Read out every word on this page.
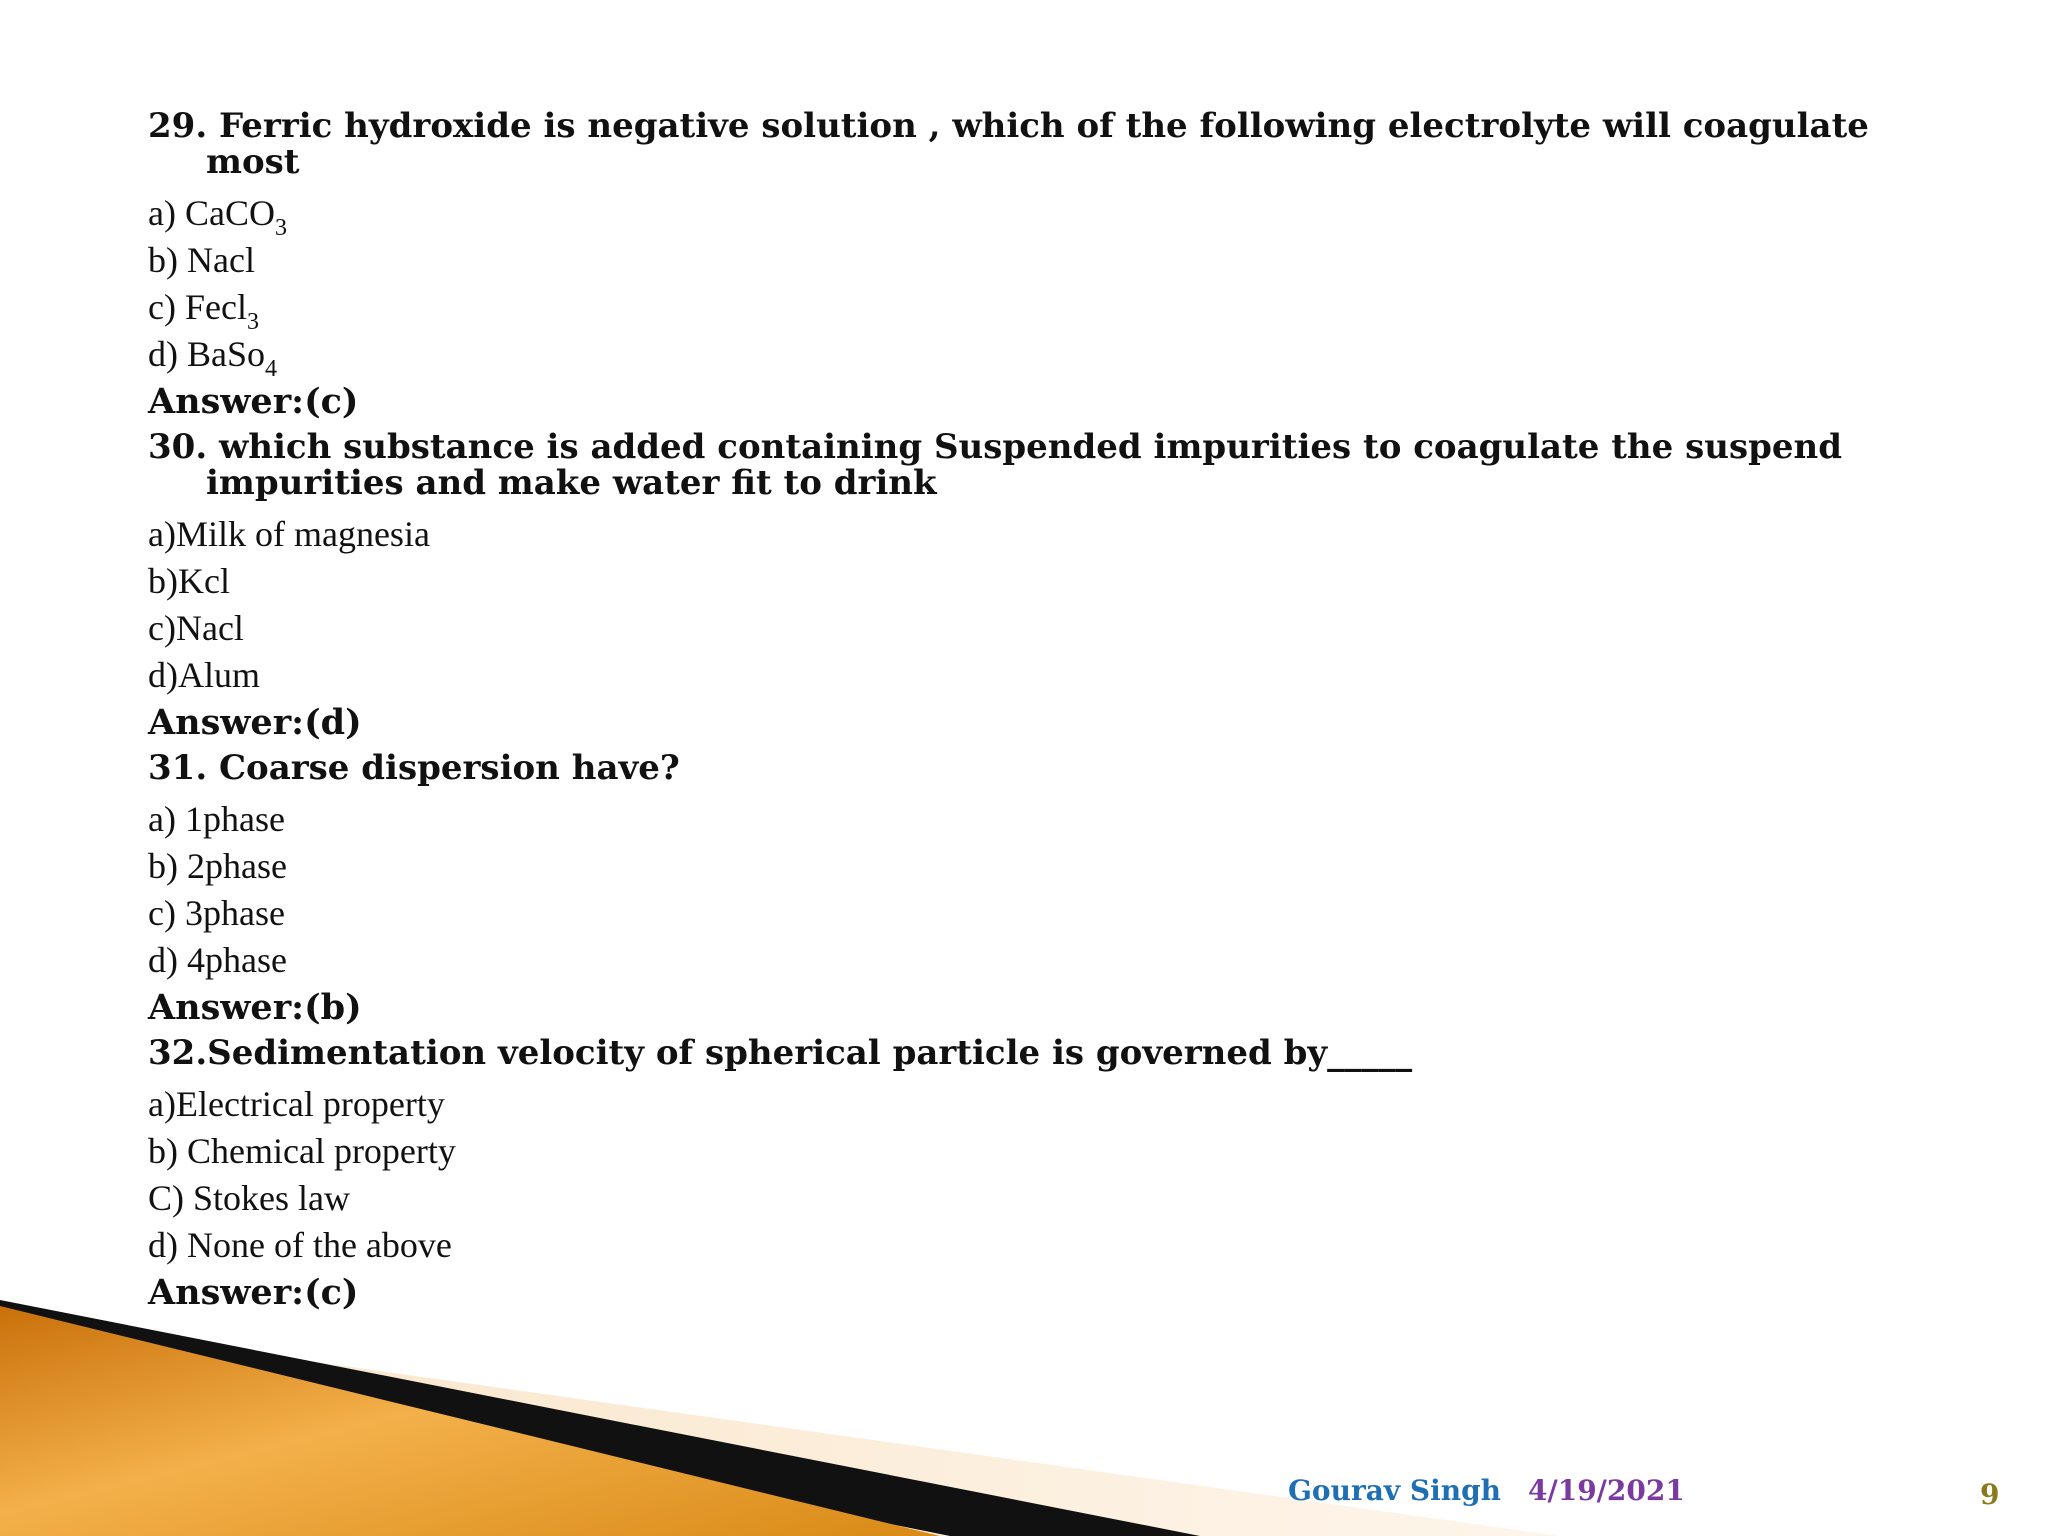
29. Ferric hydroxide is negative solution , which of the following electrolyte will coagulate most
a) CaCO$_3$
b) Nacl
c) Fecl$_3$
d) BaSo$_4$
Answer:(c)
30. which substance is added containing Suspended impurities to coagulate the suspend impurities and make water fit to drink
a)Milk of magnesia
b)Kcl
c)Nacl
d)Alum
Answer:(d)
31. Coarse dispersion have?
a) 1phase
b) 2phase
c) 3phase
d) 4phase
Answer:(b)
32.Sedimentation velocity of spherical particle is governed by_____
a)Electrical property
b) Chemical property
C) Stokes law
d) None of the above
Answer:(c)
Gourav Singh 4/19/2021	9
